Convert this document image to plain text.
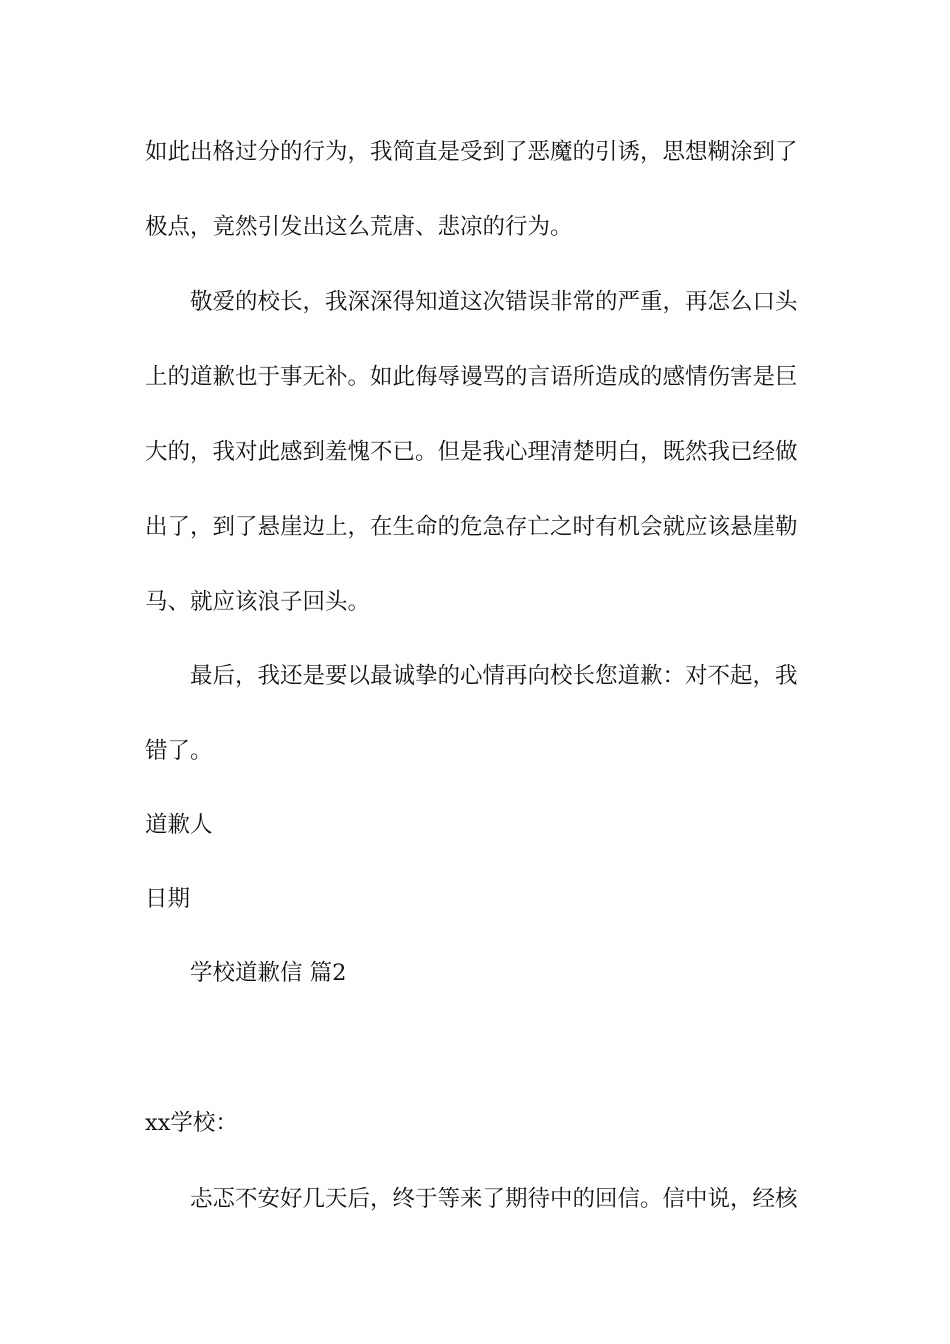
如此出格过分的行为，我简直是受到了恶魔的引诱，思想糊涂到了
极点，竟然引发出这么荒唐、悲凉的行为。
敬爱的校长，我深深得知道这次错误非常的严重，再怎么口头
上的道歉也于事无补。如此侮辱谩骂的言语所造成的感情伤害是巨
大的，我对此感到羞愧不已。但是我心理清楚明白，既然我已经做
出了，到了悬崖边上，在生命的危急存亡之时有机会就应该悬崖勒
马、就应该浪子回头。
最后，我还是要以最诚挚的心情再向校长您道歉：对不起，我
错了。
道歉人
日期
学校道歉信 篇2
xx学校：
忐忑不安好几天后，终于等来了期待中的回信。信中说，经核
